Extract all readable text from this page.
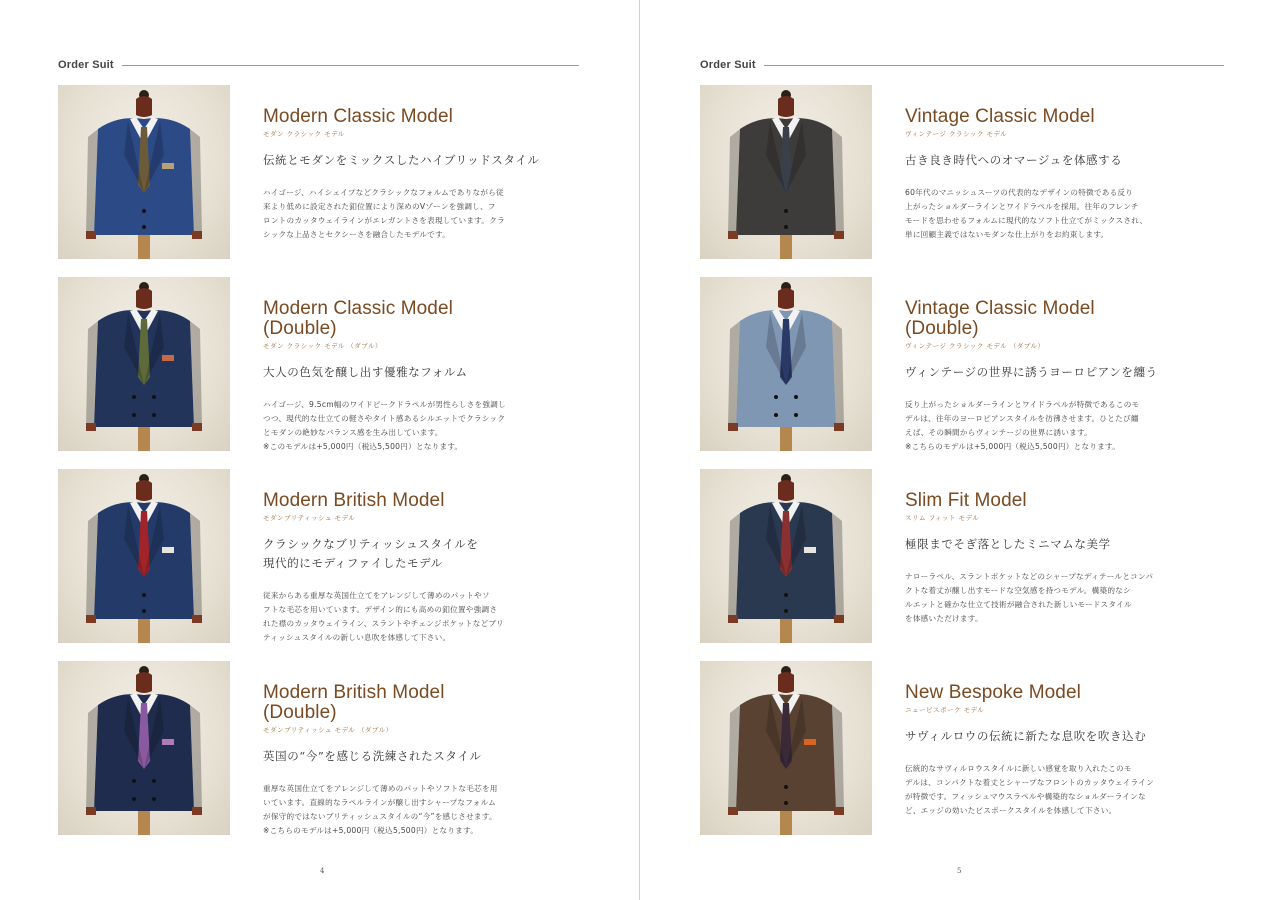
Order Suit
Modern Classic Model
モダン クラシック モデル

伝統とモダンをミックスしたハイブリッドスタイル

ハイゴージ、ハイシェイプなどクラシックなフォルムでありながら従

来より低めに設定された釦位置により深めのVゾーンを強調し、フ

ロントのカッタウェイラインがエレガントさを表現しています。クラ

シックな上品さとセクシーさを融合したモデルです。

Modern Classic Model
(Double)
モダン クラシック モデル （ダブル）

大人の色気を醸し出す優雅なフォルム

ハイゴージ、9.5cm幅のワイドピークドラペルが男性らしさを強調し

つつ、現代的な仕立ての軽さやタイト感あるシルエットでクラシック

とモダンの絶妙なバランス感を生み出しています。

※このモデルは+5,000円（税込5,500円）となります。

Modern British Model
モダンブリティッシュ モデル

クラシックなブリティッシュスタイルを

現代的にモディファイしたモデル

従来からある重厚な英国仕立てをアレンジして薄めのパットやソ

フトな毛芯を用いています。デザイン的にも高めの釦位置や強調さ

れた襟のカッタウェイライン、スラントやチェンジポケットなどブリ

ティッシュスタイルの新しい息吹を体感して下さい。

Modern British Model
(Double)
モダンブリティッシュ モデル （ダブル）

英国の“今”を感じる洗練されたスタイル

重厚な英国仕立てをアレンジして薄めのパットやソフトな毛芯を用

いています。直線的なラペルラインが醸し出すシャープなフォルム

が保守的ではないブリティッシュスタイルの“今”を感じさせます。

※こちらのモデルは+5,000円（税込5,500円）となります。

4
Order Suit
Vintage Classic Model
ヴィンテージ クラシック モデル

古き良き時代へのオマージュを体感する

60年代のマニッシュスーツの代表的なデザインの特徴である反り

上がったショルダーラインとワイドラペルを採用。往年のフレンチ

モードを思わせるフォルムに現代的なソフト仕立てがミックスされ、

単に回顧主義ではないモダンな仕上がりをお約束します。

Vintage Classic Model
(Double)
ヴィンテージ クラシック モデル （ダブル）

ヴィンテージの世界に誘うヨーロピアンを纏う

反り上がったショルダーラインとワイドラペルが特徴であるこのモ

デルは、往年のヨーロピアンスタイルを彷彿させます。ひとたび纏

えば、その瞬間からヴィンテージの世界に誘います。

※こちらのモデルは+5,000円（税込5,500円）となります。

Slim Fit Model
スリム フィット モデル

極限までそぎ落としたミニマムな美学

ナローラペル、スラントポケットなどのシャープなディテールとコンパ

クトな着丈が醸し出すモードな空気感を持つモデル。構築的なシ

ルエットと確かな仕立て技術が融合された新しいモードスタイル

を体感いただけます。

New Bespoke Model
ニュービスポーク モデル

サヴィルロウの伝統に新たな息吹を吹き込む

伝統的なサヴィルロウスタイルに新しい感覚を取り入れたこのモ

デルは、コンパクトな着丈とシャープなフロントのカッタウェイライン

が特徴です。フィッシュマウスラペルや構築的なショルダーラインな

ど、エッジの効いたビスポークスタイルを体感して下さい。

5
